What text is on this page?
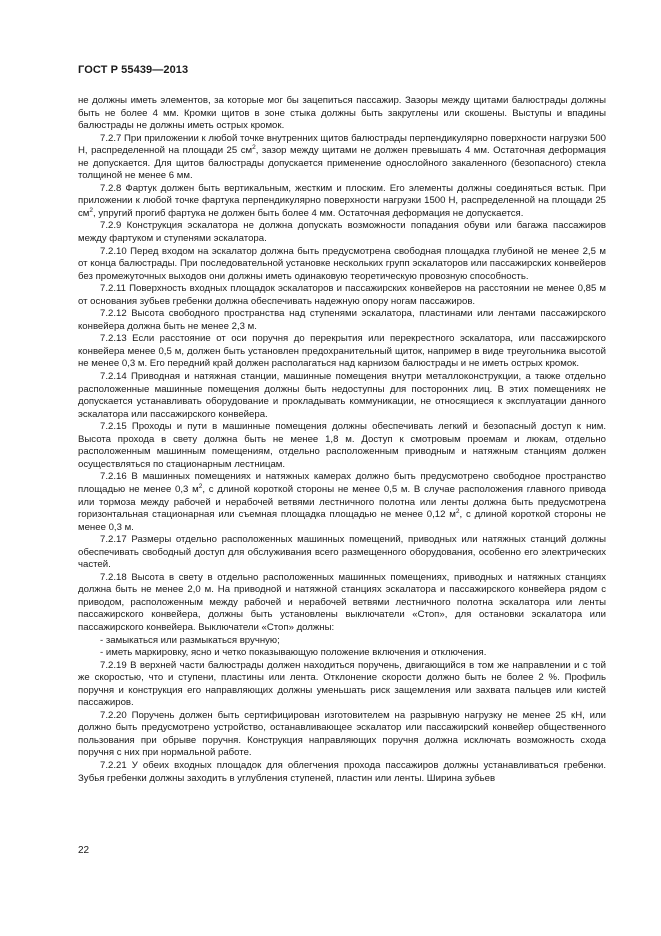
ГОСТ Р 55439—2013

не должны иметь элементов, за которые мог бы зацепиться пассажир. Зазоры между щитами балюстрады должны быть не более 4 мм. Кромки щитов в зоне стыка должны быть закруглены или скошены. Выступы и впадины балюстрады не должны иметь острых кромок.

7.2.7 При приложении к любой точке внутренних щитов балюстрады перпендикулярно поверхности нагрузки 500 Н, распределенной на площади 25 $см^2$, зазор между щитами не должен превышать 4 мм. Остаточная деформация не допускается. Для щитов балюстрады допускается применение однослойного закаленного (безопасного) стекла толщиной не менее 6 мм.

7.2.8 Фартук должен быть вертикальным, жестким и плоским. Его элементы должны соединяться встык. При приложении к любой точке фартука перпендикулярно поверхности нагрузки 1500 Н, распределенной на площади 25 $см^2$, упругий прогиб фартука не должен быть более 4 мм. Остаточная деформация не допускается.

7.2.9 Конструкция эскалатора не должна допускать возможности попадания обуви или багажа пассажиров между фартуком и ступенями эскалатора.

7.2.10 Перед входом на эскалатор должна быть предусмотрена свободная площадка глубиной не менее 2,5 м от конца балюстрады. При последовательной установке нескольких групп эскалаторов или пассажирских конвейеров без промежуточных выходов они должны иметь одинаковую теоретическую провозную способность.

7.2.11 Поверхность входных площадок эскалаторов и пассажирских конвейеров на расстоянии не менее 0,85 м от основания зубьев гребенки должна обеспечивать надежную опору ногам пассажиров.

7.2.12 Высота свободного пространства над ступенями эскалатора, пластинами или лентами пассажирского конвейера должна быть не менее 2,3 м.

7.2.13 Если расстояние от оси поручня до перекрытия или перекрестного эскалатора, или пассажирского конвейера менее 0,5 м, должен быть установлен предохранительный щиток, например в виде треугольника высотой не менее 0,3 м. Его передний край должен располагаться над карнизом балюстрады и не иметь острых кромок.

7.2.14 Приводная и натяжная станции, машинные помещения внутри металлоконструкции, а также отдельно расположенные машинные помещения должны быть недоступны для посторонних лиц. В этих помещениях не допускается устанавливать оборудование и прокладывать коммуникации, не относящиеся к эксплуатации данного эскалатора или пассажирского конвейера.

7.2.15 Проходы и пути в машинные помещения должны обеспечивать легкий и безопасный доступ к ним. Высота прохода в свету должна быть не менее 1,8 м. Доступ к смотровым проемам и люкам, отдельно расположенным машинным помещениям, отдельно расположенным приводным и натяжным станциям должен осуществляться по стационарным лестницам.

7.2.16 В машинных помещениях и натяжных камерах должно быть предусмотрено свободное пространство площадью не менее 0,3 $м^2$, с длиной короткой стороны не менее 0,5 м. В случае расположения главного привода или тормоза между рабочей и нерабочей ветвями лестничного полотна или ленты должна быть предусмотрена горизонтальная стационарная или съемная площадка площадью не менее 0,12 $м^2$, с длиной короткой стороны не менее 0,3 м.

7.2.17 Размеры отдельно расположенных машинных помещений, приводных или натяжных станций должны обеспечивать свободный доступ для обслуживания всего размещенного оборудования, особенно его электрических частей.

7.2.18 Высота в свету в отдельно расположенных машинных помещениях, приводных и натяжных станциях должна быть не менее 2,0 м. На приводной и натяжной станциях эскалатора и пассажирского конвейера рядом с приводом, расположенным между рабочей и нерабочей ветвями лестничного полотна эскалатора или ленты пассажирского конвейера, должны быть установлены выключатели «Стоп», для остановки эскалатора или пассажирского конвейера. Выключатели «Стоп» должны:

- замыкаться или размыкаться вручную;
- иметь маркировку, ясно и четко показывающую положение включения и отключения.

7.2.19 В верхней части балюстрады должен находиться поручень, двигающийся в том же направлении и с той же скоростью, что и ступени, пластины или лента. Отклонение скорости должно быть не более 2 %. Профиль поручня и конструкция его направляющих должны уменьшать риск защемления или захвата пальцев или кистей пассажиров.

7.2.20 Поручень должен быть сертифицирован изготовителем на разрывную нагрузку не менее 25 кН, или должно быть предусмотрено устройство, останавливающее эскалатор или пассажирский конвейер общественного пользования при обрыве поручня. Конструкция направляющих поручня должна исключать возможность схода поручня с них при нормальной работе.

7.2.21 У обеих входных площадок для облегчения прохода пассажиров должны устанавливаться гребенки. Зубья гребенки должны заходить в углубления ступеней, пластин или ленты. Ширина зубьев

22
